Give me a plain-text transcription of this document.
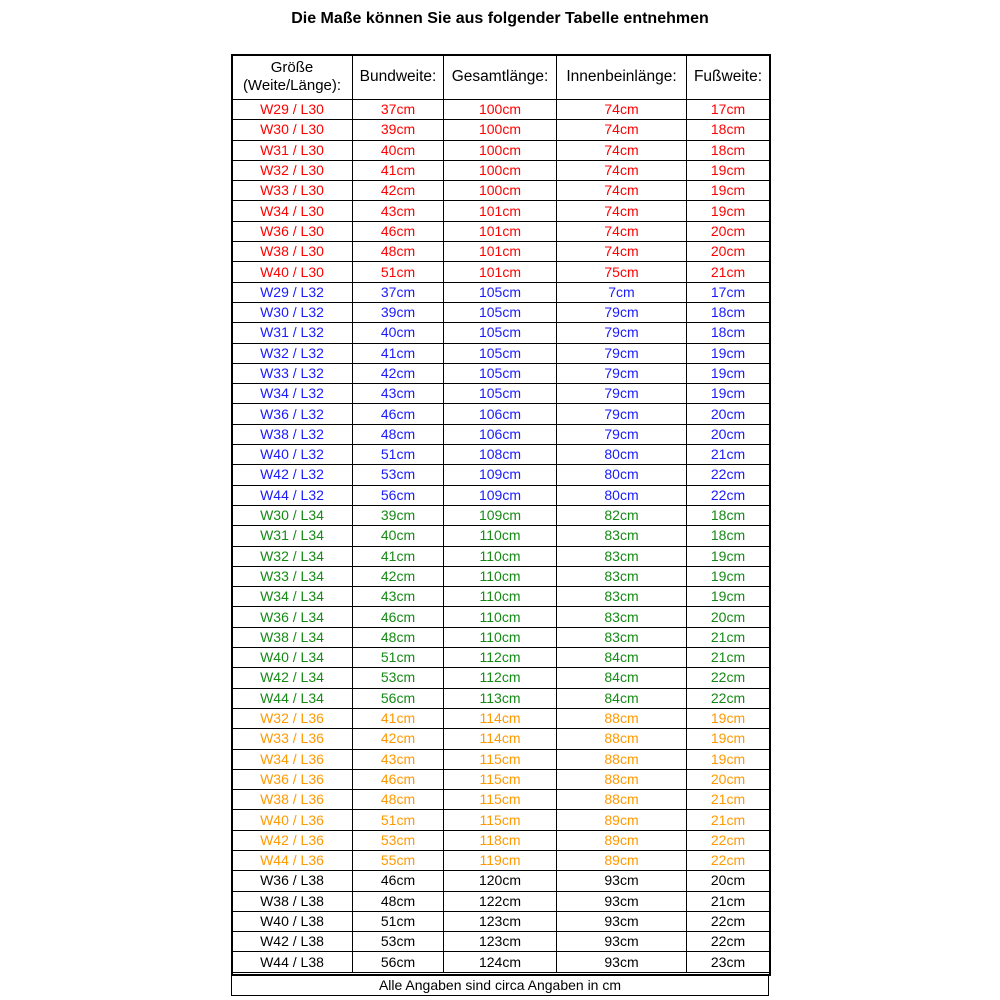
Die Maße können Sie aus folgender Tabelle entnehmen
Größe
(Weite/Länge):	Bundweite:	Gesamtlänge:	Innenbeinlänge:	Fußweite:
W29 / L30	37cm	100cm	74cm	17cm
W30 / L30	39cm	100cm	74cm	18cm
W31 / L30	40cm	100cm	74cm	18cm
W32 / L30	41cm	100cm	74cm	19cm
W33 / L30	42cm	100cm	74cm	19cm
W34 / L30	43cm	101cm	74cm	19cm
W36 / L30	46cm	101cm	74cm	20cm
W38 / L30	48cm	101cm	74cm	20cm
W40 / L30	51cm	101cm	75cm	21cm
W29 / L32	37cm	105cm	7cm	17cm
W30 / L32	39cm	105cm	79cm	18cm
W31 / L32	40cm	105cm	79cm	18cm
W32 / L32	41cm	105cm	79cm	19cm
W33 / L32	42cm	105cm	79cm	19cm
W34 / L32	43cm	105cm	79cm	19cm
W36 / L32	46cm	106cm	79cm	20cm
W38 / L32	48cm	106cm	79cm	20cm
W40 / L32	51cm	108cm	80cm	21cm
W42 / L32	53cm	109cm	80cm	22cm
W44 / L32	56cm	109cm	80cm	22cm
W30 / L34	39cm	109cm	82cm	18cm
W31 / L34	40cm	110cm	83cm	18cm
W32 / L34	41cm	110cm	83cm	19cm
W33 / L34	42cm	110cm	83cm	19cm
W34 / L34	43cm	110cm	83cm	19cm
W36 / L34	46cm	110cm	83cm	20cm
W38 / L34	48cm	110cm	83cm	21cm
W40 / L34	51cm	112cm	84cm	21cm
W42 / L34	53cm	112cm	84cm	22cm
W44 / L34	56cm	113cm	84cm	22cm
W32 / L36	41cm	114cm	88cm	19cm
W33 / L36	42cm	114cm	88cm	19cm
W34 / L36	43cm	115cm	88cm	19cm
W36 / L36	46cm	115cm	88cm	20cm
W38 / L36	48cm	115cm	88cm	21cm
W40 / L36	51cm	115cm	89cm	21cm
W42 / L36	53cm	118cm	89cm	22cm
W44 / L36	55cm	119cm	89cm	22cm
W36 / L38	46cm	120cm	93cm	20cm
W38 / L38	48cm	122cm	93cm	21cm
W40 / L38	51cm	123cm	93cm	22cm
W42 / L38	53cm	123cm	93cm	22cm
W44 / L38	56cm	124cm	93cm	23cm
Alle Angaben sind circa Angaben in cm
